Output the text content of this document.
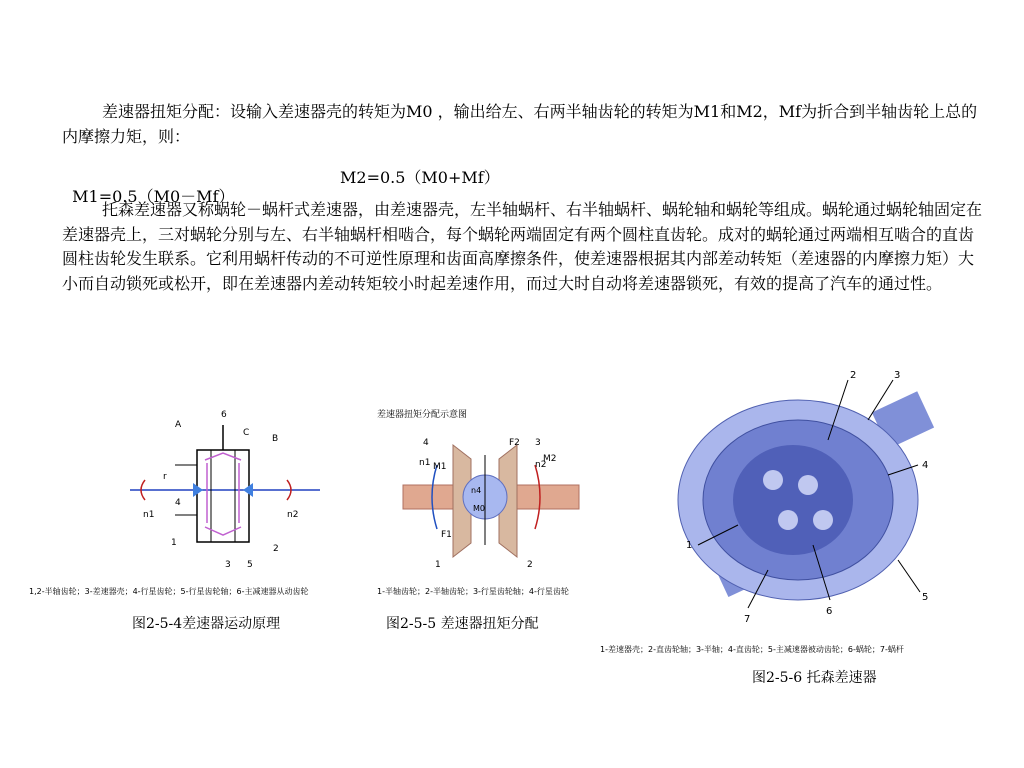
差速器扭矩分配：设输入差速器壳的转矩为M0 ，输出给左、右两半轴齿轮的转矩为M1和M2，Mf为折合到半轴齿轮上总的内摩擦力矩，则：

M1=0.5（M0－Mf）

M2=0.5（M0+Mf）

托森差速器又称蜗轮－蜗杆式差速器，由差速器壳，左半轴蜗杆、右半轴蜗杆、蜗轮轴和蜗轮等组成。蜗轮通过蜗轮轴固定在差速器壳上，三对蜗轮分别与左、右半轴蜗杆相啮合，每个蜗轮两端固定有两个圆柱直齿轮。成对的蜗轮通过两端相互啮合的直齿圆柱齿轮发生联系。它利用蜗杆传动的不可逆性原理和齿面高摩擦条件，使差速器根据其内部差动转矩（差速器的内摩擦力矩）大小而自动锁死或松开，即在差速器内差动转矩较小时起差速作用，而过大时自动将差速器锁死，有效的提高了汽车的通过性。

A
6
C
B
r
n1	n2
4
1
3 5
2
1,2-半轴齿轮；3-差速器壳；4-行星齿轮；5-行星齿轮轴；6-主减速器从动齿轮
图2-5-4差速器运动原理
差速器扭矩分配示意图
4	F2 3
n1 M1
M2
n2
n4
M0
F1
1	2
1-半轴齿轮；2-半轴齿轮；3-行星齿轮轴；4-行星齿轮
图2-5-5 差速器扭矩分配
2	3
4
1
7
6
5
1-差速器壳；2-直齿轮轴；3-半轴；4-直齿轮；5-主减速器被动齿轮；6-蜗轮；7-蜗杆
图2-5-6 托森差速器
